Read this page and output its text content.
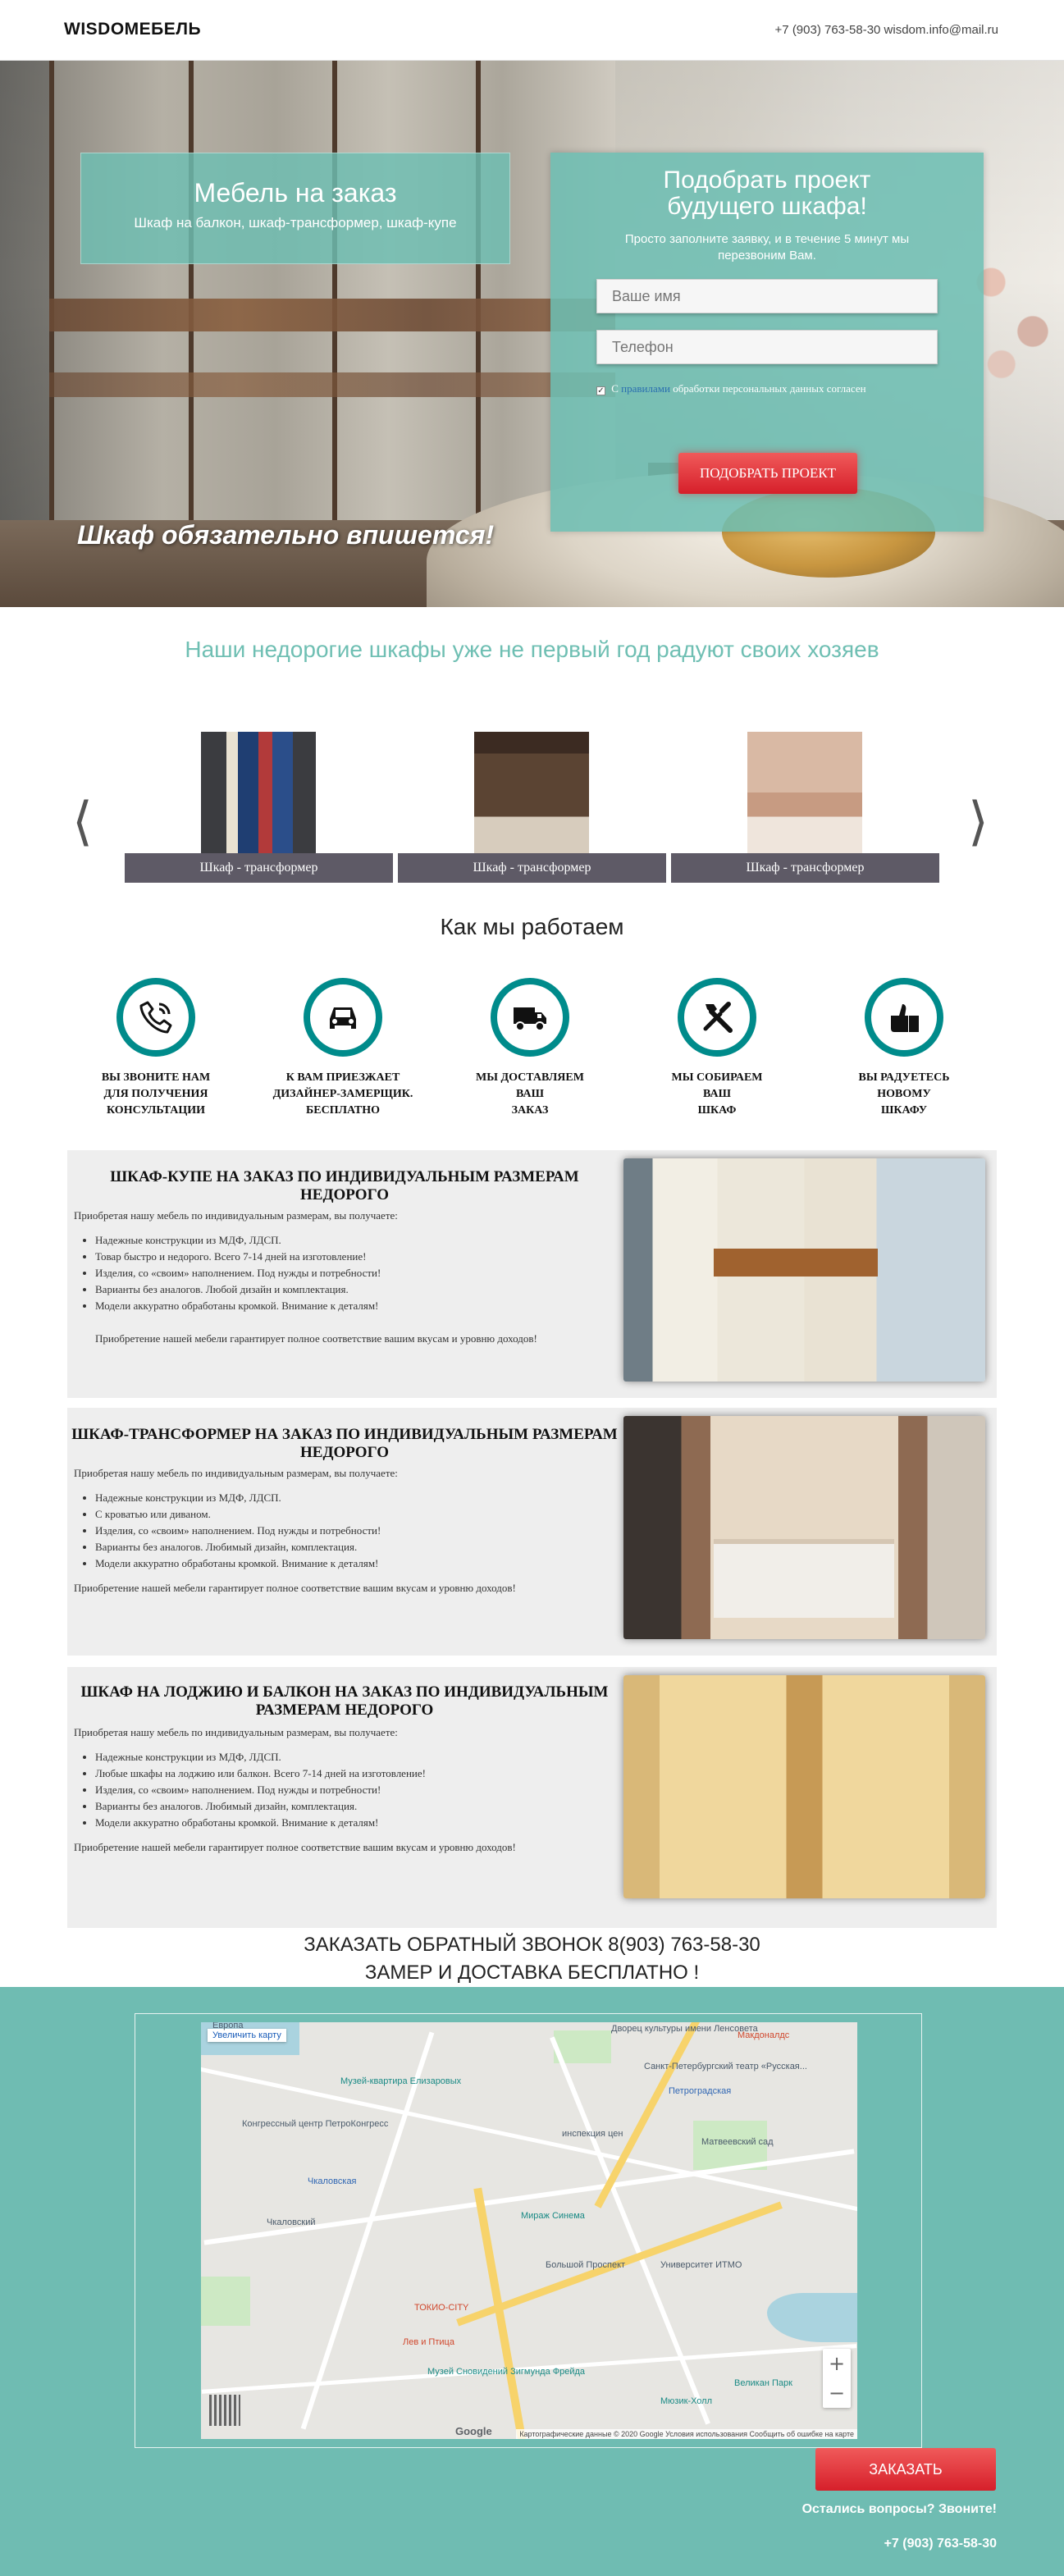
WISDOMEБЕЛЬ	+7 (903) 763-58-30 wisdom.info@mail.ru
Мебель на заказ

Шкаф на балкон, шкаф-трансформер, шкаф-купе

Шкаф обязательно впишется!
Подобрать проект
будущего шкафа!

Просто заполните заявку, и в течение 5 минут мы
перезвоним Вам.

Ваше имя
Телефон
✓ С правилами обработки персональных данных согласен
ПОДОБРАТЬ ПРОЕКТ
Наши недорогие шкафы уже не первый год радуют своих хозяев
⟨	⟩
Шкаф - трансформер	Шкаф - трансформер	Шкаф - трансформер
Как мы работаем
ВЫ ЗВОНИТЕ НАМ
ДЛЯ ПОЛУЧЕНИЯ
КОНСУЛЬТАЦИИ
К ВАМ ПРИЕЗЖАЕТ
ДИЗАЙНЕР-ЗАМЕРЩИК.
БЕСПЛАТНО
МЫ ДОСТАВЛЯЕМ
ВАШ
ЗАКАЗ
МЫ СОБИРАЕМ
ВАШ
ШКАФ
ВЫ РАДУЕТЕСЬ
НОВОМУ
ШКАФУ
ШКАФ-КУПЕ НА ЗАКАЗ ПО ИНДИВИДУАЛЬНЫМ РАЗМЕРАМ
НЕДОРОГО
Приобретая нашу мебель по индивидуальным размерам, вы получаете:
• Надежные конструкции из МДФ, ЛДСП.
• Товар быстро и недорого. Всего 7-14 дней на изготовление!
• Изделия, со «своим» наполнением. Под нужды и потребности!
• Варианты без аналогов. Любой дизайн и комплектация.
• Модели аккуратно обработаны кромкой. Внимание к деталям!
Приобретение нашей мебели гарантирует полное соответствие вашим вкусам и уровню доходов!
ШКАФ-ТРАНСФОРМЕР НА ЗАКАЗ ПО ИНДИВИДУАЛЬНЫМ РАЗМЕРАМ
НЕДОРОГО
Приобретая нашу мебель по индивидуальным размерам, вы получаете:
• Надежные конструкции из МДФ, ЛДСП.
• С кроватью или диваном.
• Изделия, со «своим» наполнением. Под нужды и потребности!
• Варианты без аналогов. Любимый дизайн, комплектация.
• Модели аккуратно обработаны кромкой. Внимание к деталям!
Приобретение нашей мебели гарантирует полное соответствие вашим вкусам и уровню доходов!
ШКАФ НА ЛОДЖИЮ И БАЛКОН НА ЗАКАЗ ПО ИНДИВИДУАЛЬНЫМ
РАЗМЕРАМ НЕДОРОГО
Приобретая нашу мебель по индивидуальным размерам, вы получаете:
• Надежные конструкции из МДФ, ЛДСП.
• Любые шкафы на лоджию или балкон. Всего 7-14 дней на изготовление!
• Изделия, со «своим» наполнением. Под нужды и потребности!
• Варианты без аналогов. Любимый дизайн, комплектация.
• Модели аккуратно обработаны кромкой. Внимание к деталям!
Приобретение нашей мебели гарантирует полное соответствие вашим вкусам и уровню доходов!
ЗАКАЗАТЬ ОБРАТНЫЙ ЗВОНОК 8(903) 763-58-30
ЗАМЕР И ДОСТАВКА БЕСПЛАТНО !
Увеличить карту
Европа	Дворец культуры имени Ленсовета
Макдоналдс
Санкт-Петербургский театр «Русская...
Петроградская
Музей-квартира Елизаровых
Конгрессный центр ПетроКонгресс
Чкаловская
Чкаловский
инспекция цен
Матвеевский сад
Мираж Синема
Большой Проспект	Университет ИТМО
ТОКИО-CITY
Лев и Птица
Музей Сновидений Зигмунда Фрейда
Великан Парк
Мюзик-Холл
+
−
Google	Картографические данные © 2020 Google Условия использования Сообщить об ошибке на карте
ЗАКАЗАТЬ
Остались вопросы? Звоните!
+7 (903) 763-58-30
